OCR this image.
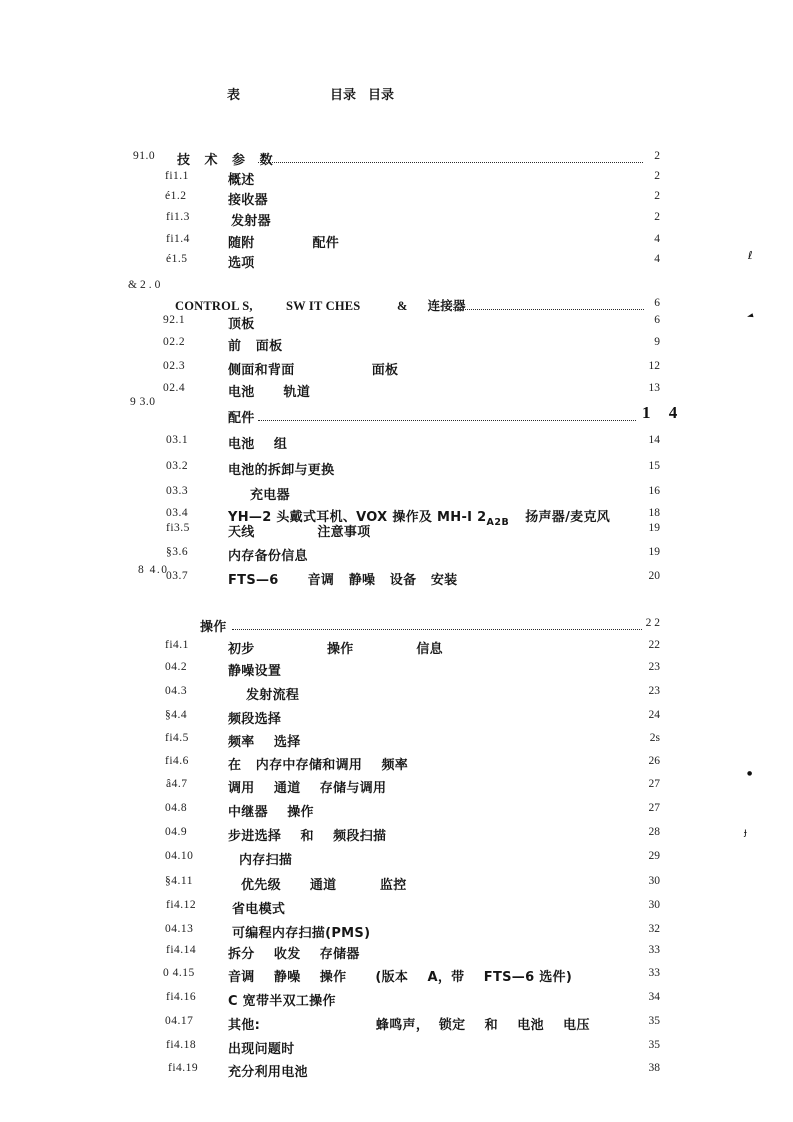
表	目录 目录
91.0 技 术 参 数	2
fi1.1	概述	2
é1.2	接收器	2
fi1.3	发射器	2
fi1.4	随附            配件	4
é1.5	选项	4
&2.0
CONTROL S,          SW IT CHES           &      连接器	6
92.1	顶板	6
02.2	前   面板	9
02.3	侧面和背面                面板	12
02.4	电池      轨道	13
9 3.0
配件	1 4
03.1	电池    组	14
03.2	电池的拆卸与更换	15
03.3	充电器	16
03.4	YH—2 头戴式耳机、VOX 操作及 MH-I $2_{A2B}$ 扬声器/麦克风	18
fi3.5	天线             注意事项	19
§3.6	内存备份信息	19
8 4.0
03.7	FTS—6      音调   静噪   设备   安装	20
操作	2 2
fi4.1	初步               操作             信息	22
04.2	静噪设置	23
04.3	发射流程	23
§4.4	频段选择	24
fi4.5	频率    选择	2s
fi4.6	在   内存中存储和调用    频率	26
â4.7	调用    通道    存储与调用	27
04.8	中继器    操作	27
04.9	步进选择    和    频段扫描	28
04.10	内存扫描	29
§4.11	优先级      通道         监控	30
fi4.12	省电模式	30
04.13	可编程内存扫描(PMS)	32
fi4.14 拆分    收发    存储器	33
0 4.15	音调    静噪    操作      (版本    A，带    FTS—6 选件)	33
fi4.16 C 宽带半双工操作	34
04.17	其他:                        蜂鸣声，  锁定    和    电池    电压	35
fi4.18 出现问题时	35
fi4.19 充分利用电池	38
ℓ
◄
●
ɟ
